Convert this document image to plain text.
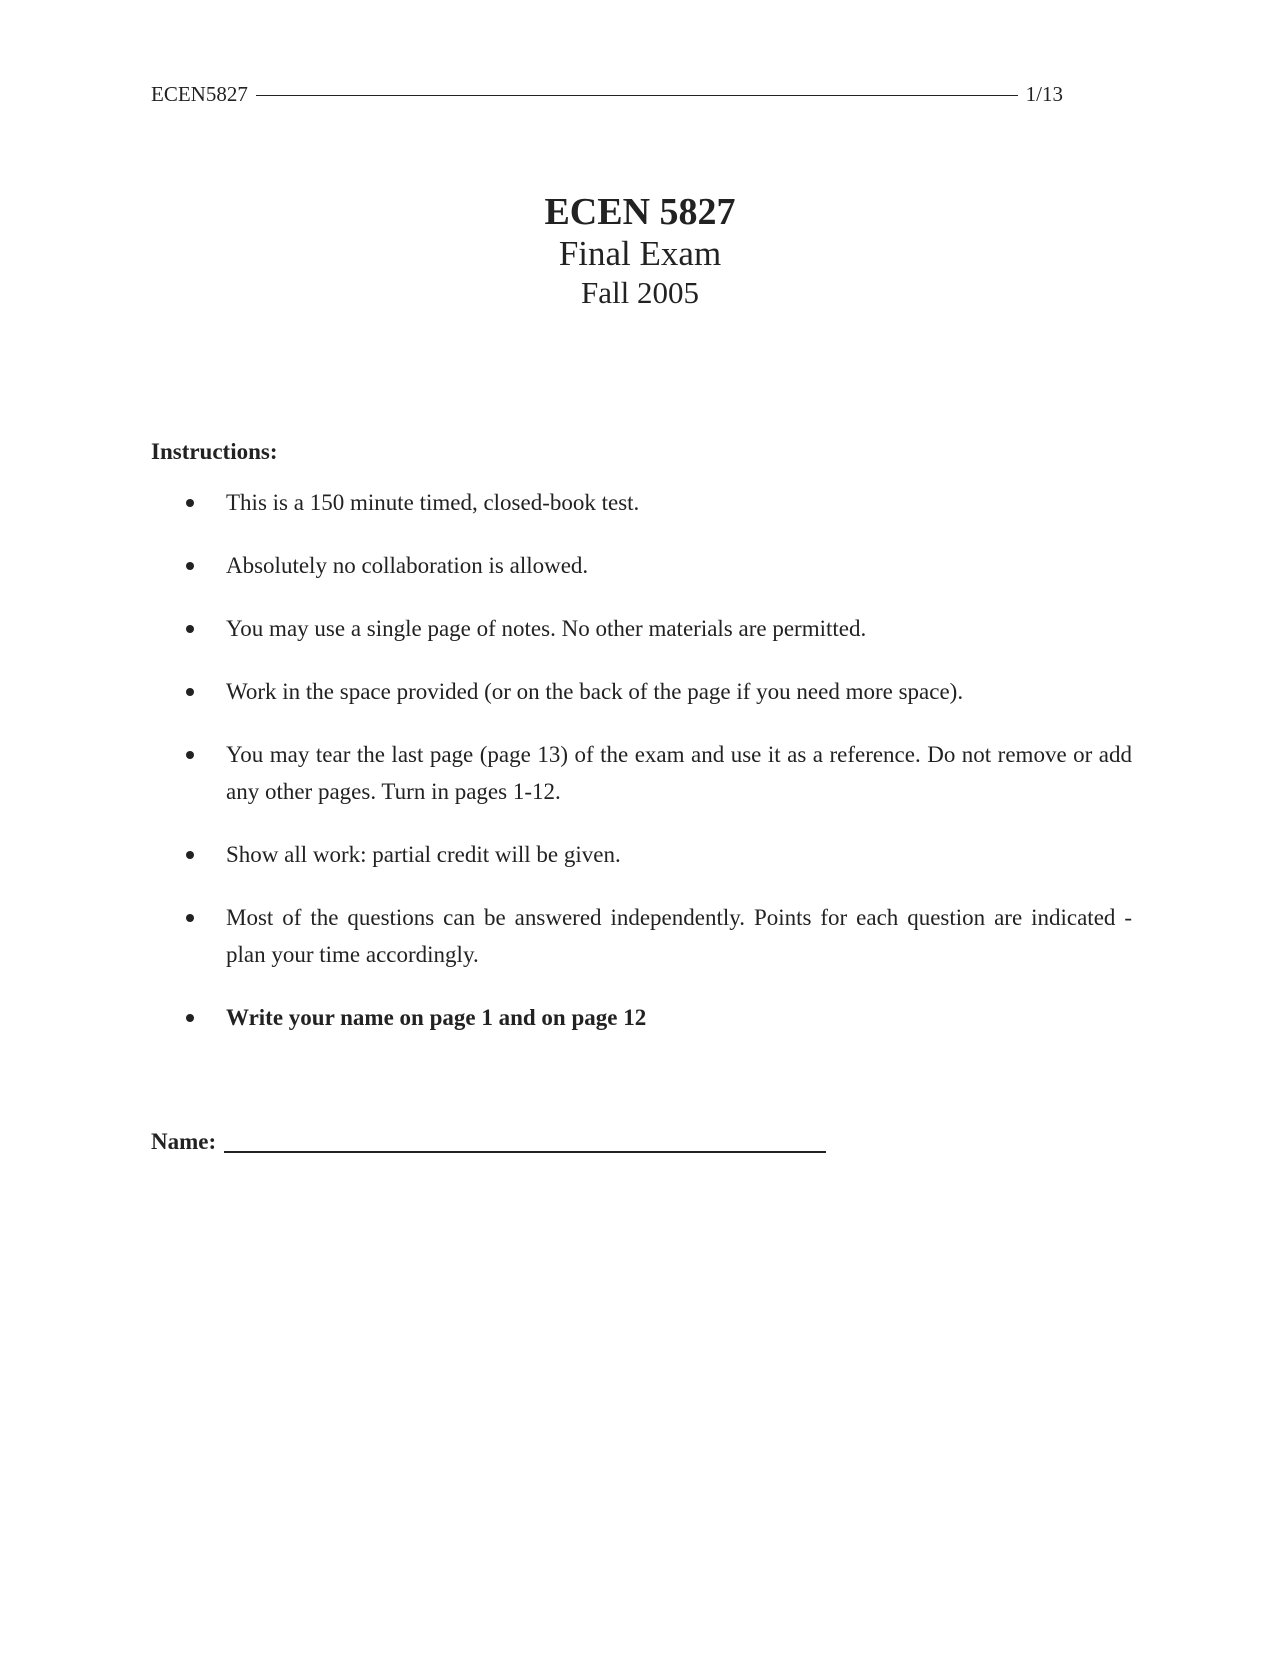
ECEN5827	1/13
ECEN 5827
Final Exam
Fall 2005
Instructions:
This is a 150 minute timed, closed-book test.
Absolutely no collaboration is allowed.
You may use a single page of notes. No other materials are permitted.
Work in the space provided (or on the back of the page if you need more space).
You may tear the last page (page 13) of the exam and use it as a reference. Do not remove or add any other pages. Turn in pages 1-12.
Show all work: partial credit will be given.
Most of the questions can be answered independently. Points for each question are indicated - plan your time accordingly.
Write your name on page 1 and on page 12
Name:
